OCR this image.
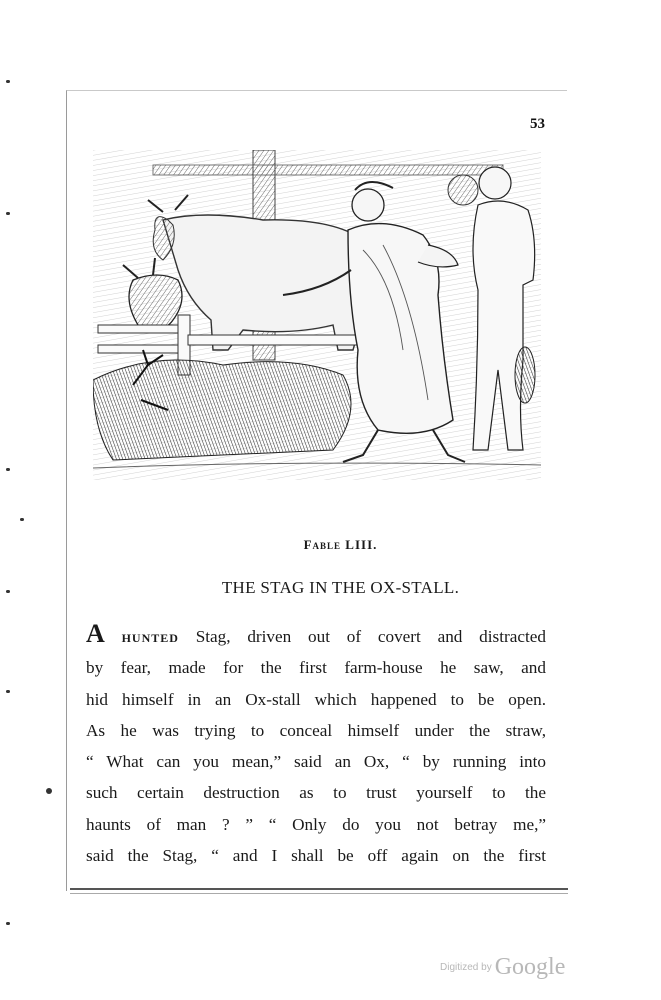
53
Fable LIII.
THE STAG IN THE OX-STALL.
A hunted Stag, driven out of covert and distracted
by fear, made for the first farm-house he saw, and
hid himself in an Ox-stall which happened to be open.
As he was trying to conceal himself under the straw,
“ What can you mean,” said an Ox, “ by running into
such certain destruction as to trust yourself to the
haunts of man ? ” “ Only do you not betray me,”
said the Stag, “ and I shall be off again on the first
Digitized by Google
